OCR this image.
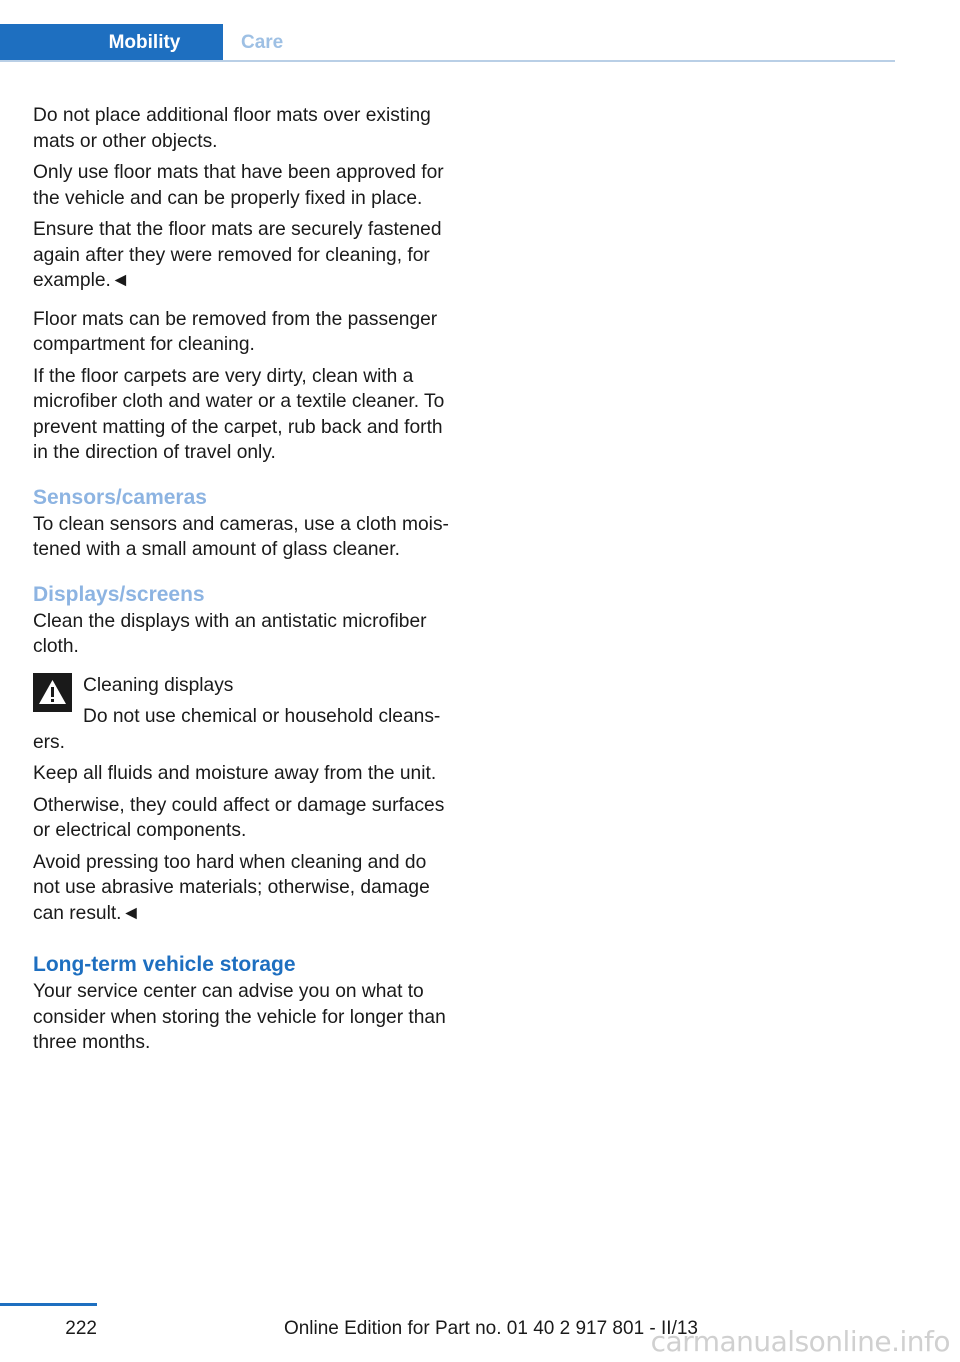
Mobility	Care

Do not place additional floor mats over existing mats or other objects.

Only use floor mats that have been approved for the vehicle and can be properly fixed in place.

Ensure that the floor mats are securely fastened again after they were removed for cleaning, for example.◄

Floor mats can be removed from the passenger compartment for cleaning.

If the floor carpets are very dirty, clean with a microfiber cloth and water or a textile cleaner. To prevent matting of the carpet, rub back and forth in the direction of travel only.

Sensors/cameras

To clean sensors and cameras, use a cloth moistened with a small amount of glass cleaner.

Displays/screens

Clean the displays with an antistatic microfiber cloth.

Cleaning displays

Do not use chemical or household cleansers.

Keep all fluids and moisture away from the unit.

Otherwise, they could affect or damage surfaces or electrical components.

Avoid pressing too hard when cleaning and do not use abrasive materials; otherwise, damage can result.◄

Long-term vehicle storage

Your service center can advise you on what to consider when storing the vehicle for longer than three months.

222	Online Edition for Part no. 01 40 2 917 801 - II/13
carmanualsonline.info
